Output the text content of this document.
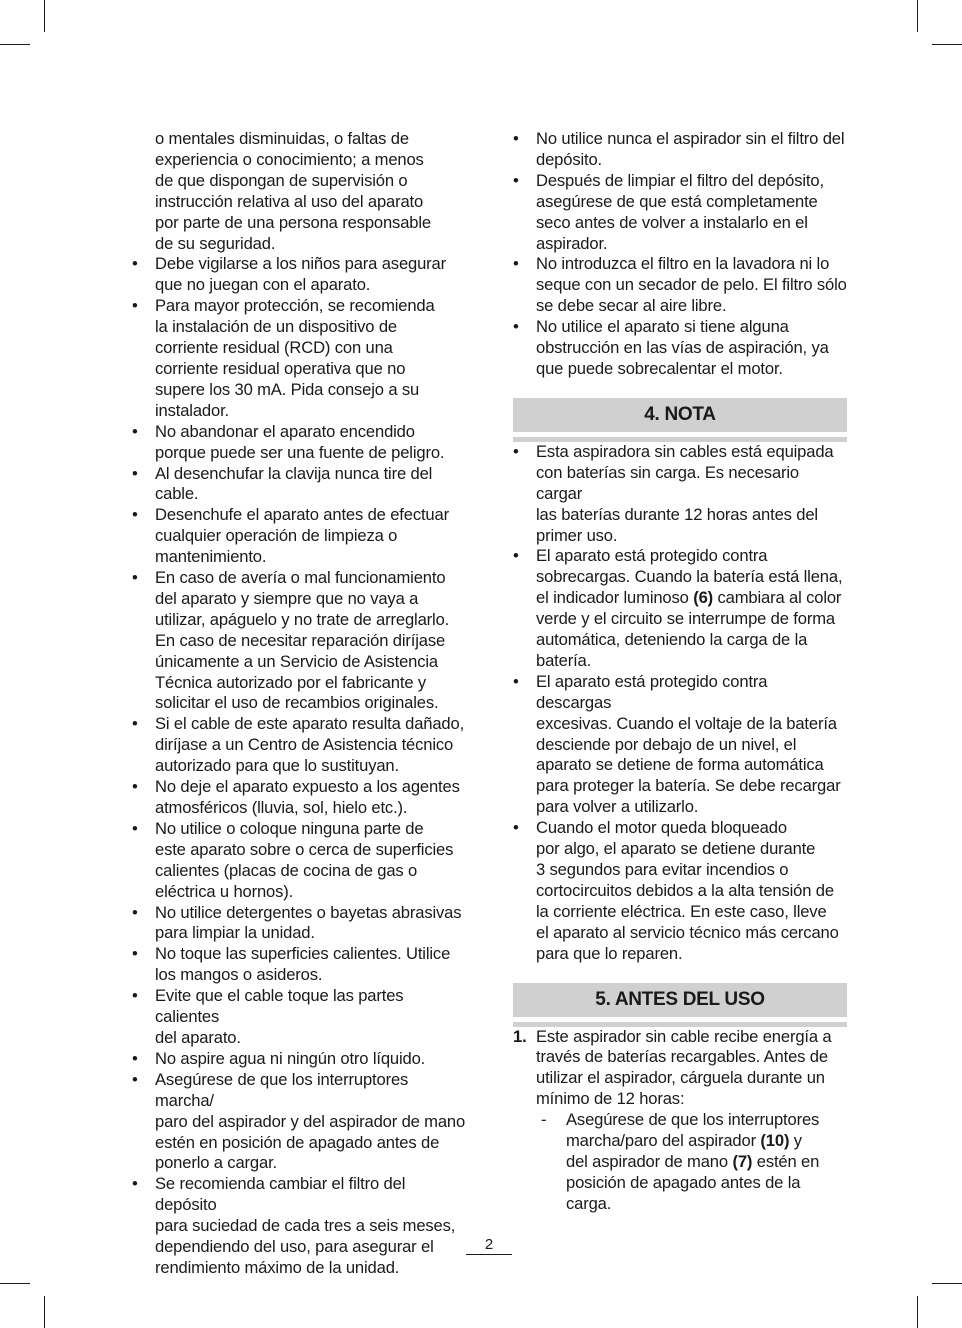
o mentales disminuidas, o faltas de
experiencia o conocimiento; a menos
de que dispongan de supervisión o
instrucción relativa al uso del aparato
por parte de una persona responsable
de su seguridad.
• Debe vigilarse a los niños para asegurar
que no juegan con el aparato.
• Para mayor protección, se recomienda
la instalación de un dispositivo de
corriente residual (RCD) con una
corriente residual operativa que no
supere los 30 mA. Pida consejo a su
instalador.
• No abandonar el aparato encendido
porque puede ser una fuente de peligro.
• Al desenchufar la clavija nunca tire del
cable.
• Desenchufe el aparato antes de efectuar
cualquier operación de limpieza o
mantenimiento.
• En caso de avería o mal funcionamiento
del aparato y siempre que no vaya a
utilizar, apáguelo y no trate de arreglarlo.
En caso de necesitar reparación diríjase
únicamente a un Servicio de Asistencia
Técnica autorizado por el fabricante y
solicitar el uso de recambios originales.
• Si el cable de este aparato resulta dañado,
diríjase a un Centro de Asistencia técnico
autorizado para que lo sustituyan.
• No deje el aparato expuesto a los agentes
atmosféricos (lluvia, sol, hielo etc.).
• No utilice o coloque ninguna parte de
este aparato sobre o cerca de superficies
calientes (placas de cocina de gas o
eléctrica u hornos).
• No utilice detergentes o bayetas abrasivas
para limpiar la unidad.
• No toque las superficies calientes. Utilice
los mangos o asideros.
• Evite que el cable toque las partes calientes
del aparato.
• No aspire agua ni ningún otro líquido.
• Asegúrese de que los interruptores marcha/
paro del aspirador y del aspirador de mano
estén en posición de apagado antes de
ponerlo a cargar.
• Se recomienda cambiar el filtro del depósito
para suciedad de cada tres a seis meses,
dependiendo del uso, para asegurar el
rendimiento máximo de la unidad.
• No utilice nunca el aspirador sin el filtro del
depósito.
• Después de limpiar el filtro del depósito,
asegúrese de que está completamente
seco antes de volver a instalarlo en el
aspirador.
• No introduzca el filtro en la lavadora ni lo
seque con un secador de pelo. El filtro sólo
se debe secar al aire libre.
• No utilice el aparato si tiene alguna
obstrucción en las vías de aspiración, ya
que puede sobrecalentar el motor.
4. NOTA
• Esta aspiradora sin cables está equipada
con baterías sin carga. Es necesario cargar
las baterías durante 12 horas antes del
primer uso.
• El aparato está protegido contra
sobrecargas. Cuando la batería está llena,
el indicador luminoso (6) cambiara al color
verde y el circuito se interrumpe de forma
automática, deteniendo la carga de la
batería.
• El aparato está protegido contra descargas
excesivas. Cuando el voltaje de la batería
desciende por debajo de un nivel, el
aparato se detiene de forma automática
para proteger la batería. Se debe recargar
para volver a utilizarlo.
• Cuando el motor queda bloqueado
por algo, el aparato se detiene durante
3 segundos para evitar incendios o
cortocircuitos debidos a la alta tensión de
la corriente eléctrica. En este caso, lleve
el aparato al servicio técnico más cercano
para que lo reparen.
5. ANTES DEL USO
1. Este aspirador sin cable recibe energía a
través de baterías recargables. Antes de
utilizar el aspirador, cárguela durante un
mínimo de 12 horas:
- Asegúrese de que los interruptores
marcha/paro del aspirador (10) y
del aspirador de mano (7) estén en
posición de apagado antes de la
carga.
2
